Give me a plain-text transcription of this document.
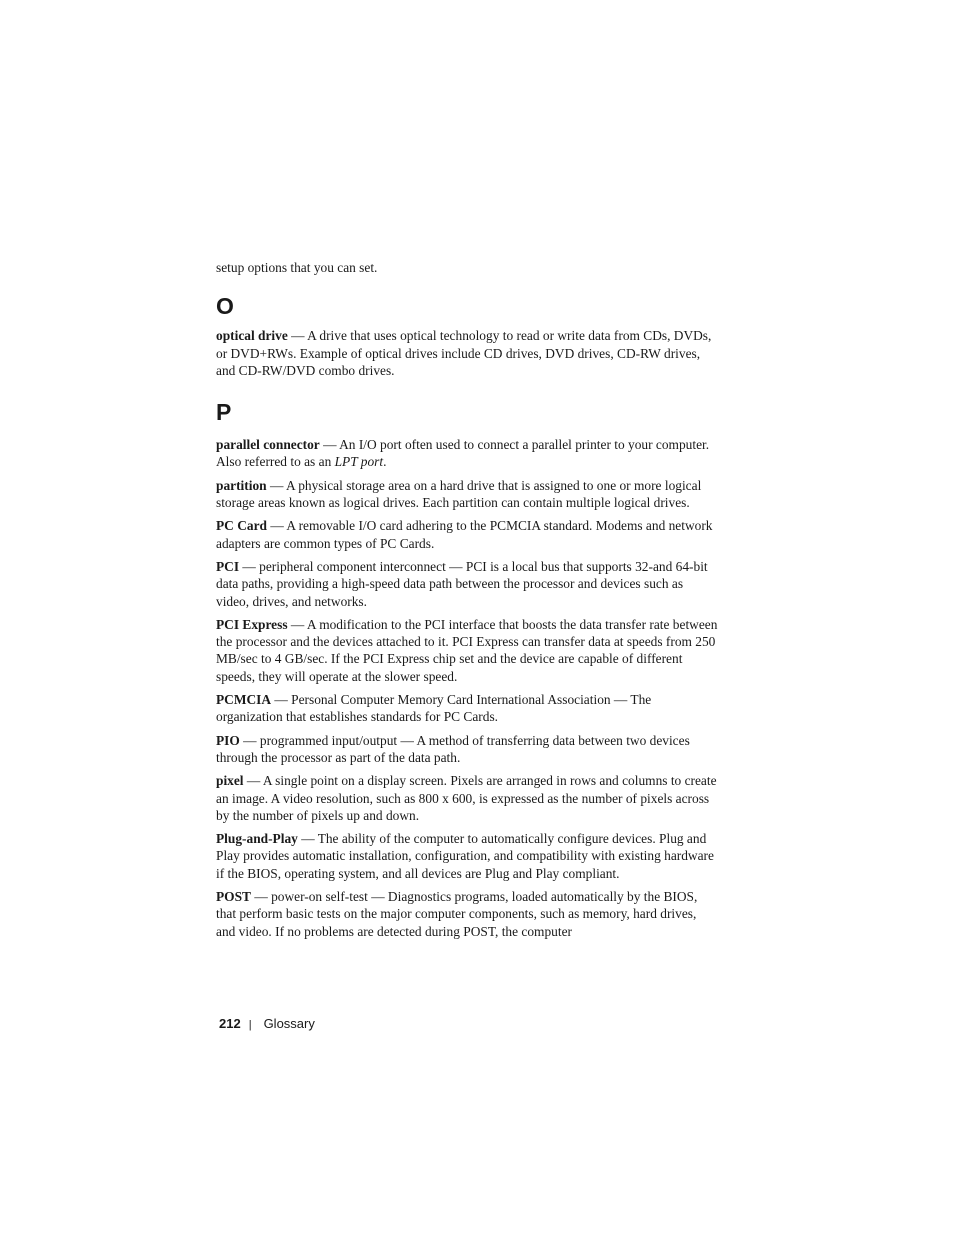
setup options that you can set.

O

optical drive — A drive that uses optical technology to read or write data from CDs, DVDs, or DVD+RWs. Example of optical drives include CD drives, DVD drives, CD-RW drives, and CD-RW/DVD combo drives.

P

parallel connector — An I/O port often used to connect a parallel printer to your computer. Also referred to as an LPT port.

partition — A physical storage area on a hard drive that is assigned to one or more logical storage areas known as logical drives. Each partition can contain multiple logical drives.

PC Card — A removable I/O card adhering to the PCMCIA standard. Modems and network adapters are common types of PC Cards.

PCI — peripheral component interconnect — PCI is a local bus that supports 32-and 64-bit data paths, providing a high-speed data path between the processor and devices such as video, drives, and networks.

PCI Express — A modification to the PCI interface that boosts the data transfer rate between the processor and the devices attached to it. PCI Express can transfer data at speeds from 250 MB/sec to 4 GB/sec. If the PCI Express chip set and the device are capable of different speeds, they will operate at the slower speed.

PCMCIA — Personal Computer Memory Card International Association — The organization that establishes standards for PC Cards.

PIO — programmed input/output — A method of transferring data between two devices through the processor as part of the data path.

pixel — A single point on a display screen. Pixels are arranged in rows and columns to create an image. A video resolution, such as 800 x 600, is expressed as the number of pixels across by the number of pixels up and down.

Plug-and-Play — The ability of the computer to automatically configure devices. Plug and Play provides automatic installation, configuration, and compatibility with existing hardware if the BIOS, operating system, and all devices are Plug and Play compliant.

POST — power-on self-test — Diagnostics programs, loaded automatically by the BIOS, that perform basic tests on the major computer components, such as memory, hard drives, and video. If no problems are detected during POST, the computer

212 | Glossary
